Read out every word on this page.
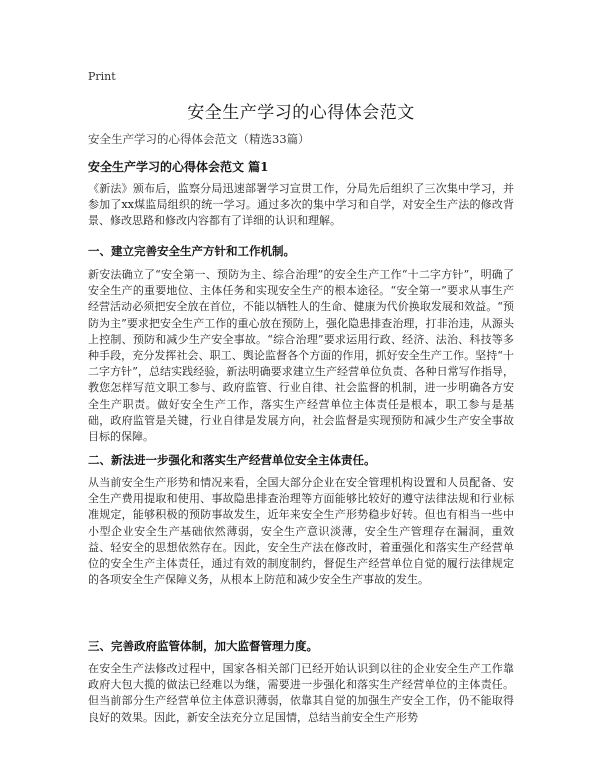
Print
安全生产学习的心得体会范文
安全生产学习的心得体会范文（精选33篇）
安全生产学习的心得体会范文 篇1
《新法》颁布后，监察分局迅速部署学习宣贯工作，分局先后组织了三次集中学习，并参加了xx煤监局组织的统一学习。通过多次的集中学习和自学，对安全生产法的修改背景、修改思路和修改内容都有了详细的认识和理解。
一、建立完善安全生产方针和工作机制。
新安法确立了“安全第一、预防为主、综合治理”的安全生产工作“十二字方针”，明确了安全生产的重要地位、主体任务和实现安全生产的根本途径。“安全第一”要求从事生产经营活动必须把安全放在首位，不能以牺牲人的生命、健康为代价换取发展和效益。“预防为主”要求把安全生产工作的重心放在预防上，强化隐患排查治理，打非治违，从源头上控制、预防和减少生产安全事故。“综合治理”要求运用行政、经济、法治、科技等多种手段，充分发挥社会、职工、舆论监督各个方面的作用，抓好安全生产工作。坚持“十二字方针”，总结实践经验，新法明确要求建立生产经营单位负责、各种日常写作指导，教您怎样写范文职工参与、政府监管、行业自律、社会监督的机制，进一步明确各方安全生产职责。做好安全生产工作，落实生产经营单位主体责任是根本，职工参与是基础，政府监管是关键，行业自律是发展方向，社会监督是实现预防和减少生产安全事故目标的保障。
二、新法进一步强化和落实生产经营单位安全主体责任。
从当前安全生产形势和情况来看，全国大部分企业在安全管理机构设置和人员配备、安全生产费用提取和使用、事故隐患排查治理等方面能够比较好的遵守法律法规和行业标准规定，能够积极的预防事故发生，近年来安全生产形势稳步好转。但也有相当一些中小型企业安全生产基础依然薄弱，安全生产意识淡薄，安全生产管理存在漏洞，重效益、轻安全的思想依然存在。因此，安全生产法在修改时，着重强化和落实生产经营单位的安全生产主体责任，通过有效的制度制约，督促生产经营单位自觉的履行法律规定的各项安全生产保障义务，从根本上防范和减少安全生产事故的发生。
三、完善政府监管体制，加大监督管理力度。
在安全生产法修改过程中，国家各相关部门已经开始认识到以往的企业安全生产工作靠政府大包大揽的做法已经难以为继，需要进一步强化和落实生产经营单位的主体责任。但当前部分生产经营单位主体意识薄弱，依靠其自觉的加强生产安全工作，仍不能取得良好的效果。因此，新安全法充分立足国情，总结当前安全生产形势
